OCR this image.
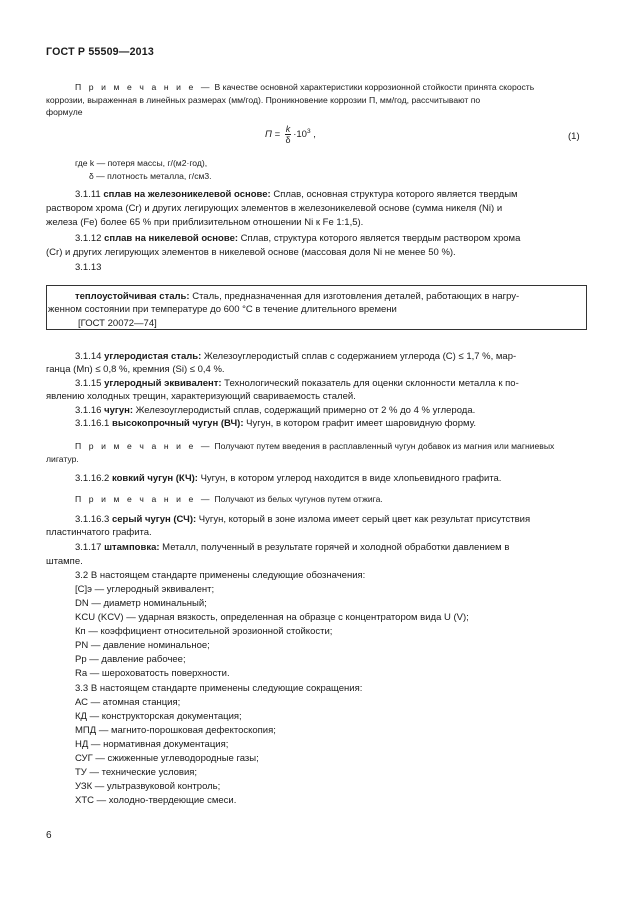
ГОСТ Р 55509—2013
П р и м е ч а н и е — В качестве основной характеристики коррозионной стойкости принята скорость
коррозии, выраженная в линейных размерах (мм/год). Проникновение коррозии П, мм/год, рассчитывают по
формуле
$П = \frac{k}{\delta} \cdot 10^3$ ,	(1)
где k — потеря массы, г/(м2·год),
δ — плотность металла, г/см3.
3.1.11 сплав на железоникелевой основе: Сплав, основная структура которого является твердым
раствором хрома (Cr) и других легирующих элементов в железоникелевой основе (сумма никеля (Ni) и
железа (Fe) более 65 % при приблизительном отношении Ni к Fe 1:1,5).
3.1.12 сплав на никелевой основе: Сплав, структура которого является твердым раствором хрома
(Cr) и других легирующих элементов в никелевой основе (массовая доля Ni не менее 50 %).
3.1.13
теплоустойчивая сталь: Сталь, предназначенная для изготовления деталей, работающих в нагру-
женном состоянии при температуре до 600 °С в течение длительного времени
[ГОСТ 20072—74]
3.1.14 углеродистая сталь: Железоуглеродистый сплав с содержанием углерода (C) ≤ 1,7 %, мар-
ганца (Mn) ≤ 0,8 %, кремния (Si) ≤ 0,4 %.
3.1.15 углеродный эквивалент: Технологический показатель для оценки склонности металла к по-
явлению холодных трещин, характеризующий свариваемость сталей.
3.1.16 чугун: Железоуглеродистый сплав, содержащий примерно от 2 % до 4 % углерода.
3.1.16.1 высокопрочный чугун (ВЧ): Чугун, в котором графит имеет шаровидную форму.
П р и м е ч а н и е — Получают путем введения в расплавленный чугун добавок из магния или магниевых
лигатур.
3.1.16.2 ковкий чугун (КЧ): Чугун, в котором углерод находится в виде хлопьевидного графита.
П р и м е ч а н и е — Получают из белых чугунов путем отжига.
3.1.16.3 серый чугун (СЧ): Чугун, который в зоне излома имеет серый цвет как результат присутствия
пластинчатого графита.
3.1.17 штамповка: Металл, полученный в результате горячей и холодной обработки давлением в
штампе.
3.2 В настоящем стандарте применены следующие обозначения:
[C]э — углеродный эквивалент;
DN — диаметр номинальный;
KCU (KCV) — ударная вязкость, определенная на образце с концентратором вида U (V);
Кп — коэффициент относительной эрозионной стойкости;
PN — давление номинальное;
Рр — давление рабочее;
Ra — шероховатость поверхности.
3.3 В настоящем стандарте применены следующие сокращения:
АС — атомная станция;
КД — конструкторская документация;
МПД — магнито-порошковая дефектоскопия;
НД — нормативная документация;
СУГ — сжиженные углеводородные газы;
ТУ — технические условия;
УЗК — ультразвуковой контроль;
ХТС — холодно-твердеющие смеси.
6
